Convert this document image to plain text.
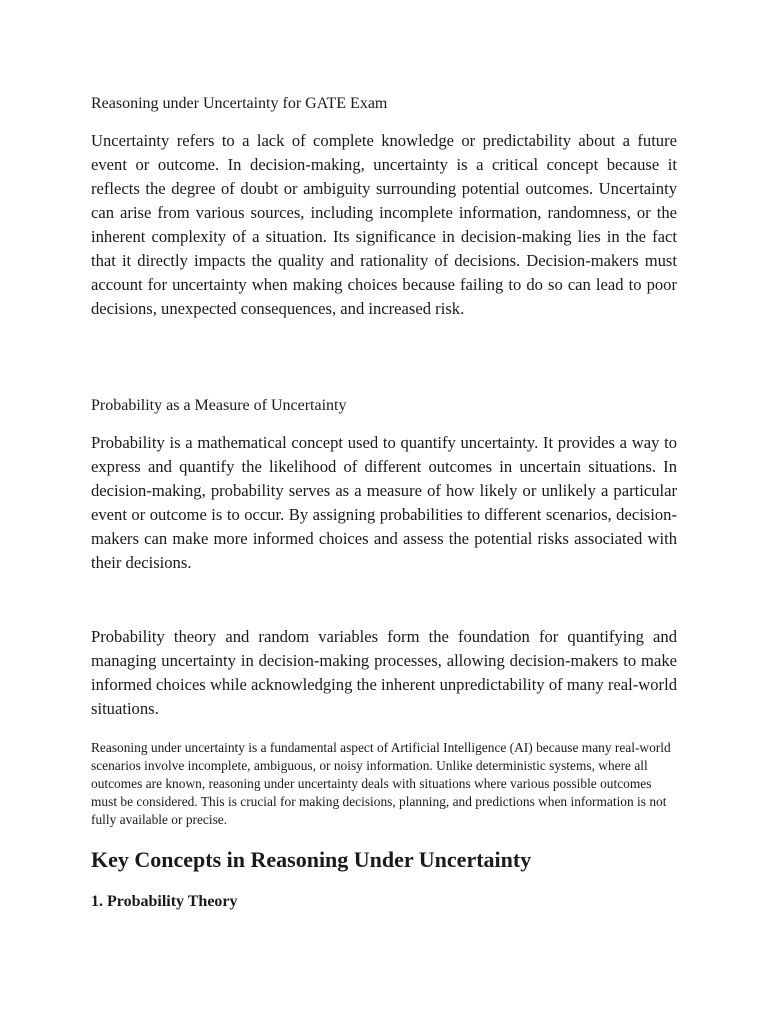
Reasoning under Uncertainty for GATE Exam

Uncertainty refers to a lack of complete knowledge or predictability about a future event or outcome. In decision-making, uncertainty is a critical concept because it reflects the degree of doubt or ambiguity surrounding potential outcomes. Uncertainty can arise from various sources, including incomplete information, randomness, or the inherent complexity of a situation. Its significance in decision-making lies in the fact that it directly impacts the quality and rationality of decisions. Decision-makers must account for uncertainty when making choices because failing to do so can lead to poor decisions, unexpected consequences, and increased risk.

Probability as a Measure of Uncertainty

Probability is a mathematical concept used to quantify uncertainty. It provides a way to express and quantify the likelihood of different outcomes in uncertain situations. In decision-making, probability serves as a measure of how likely or unlikely a particular event or outcome is to occur. By assigning probabilities to different scenarios, decision-makers can make more informed choices and assess the potential risks associated with their decisions.

Probability theory and random variables form the foundation for quantifying and managing uncertainty in decision-making processes, allowing decision-makers to make informed choices while acknowledging the inherent unpredictability of many real-world situations.

Reasoning under uncertainty is a fundamental aspect of Artificial Intelligence (AI) because many real-world scenarios involve incomplete, ambiguous, or noisy information. Unlike deterministic systems, where all outcomes are known, reasoning under uncertainty deals with situations where various possible outcomes must be considered. This is crucial for making decisions, planning, and predictions when information is not fully available or precise.

Key Concepts in Reasoning Under Uncertainty
1. Probability Theory
